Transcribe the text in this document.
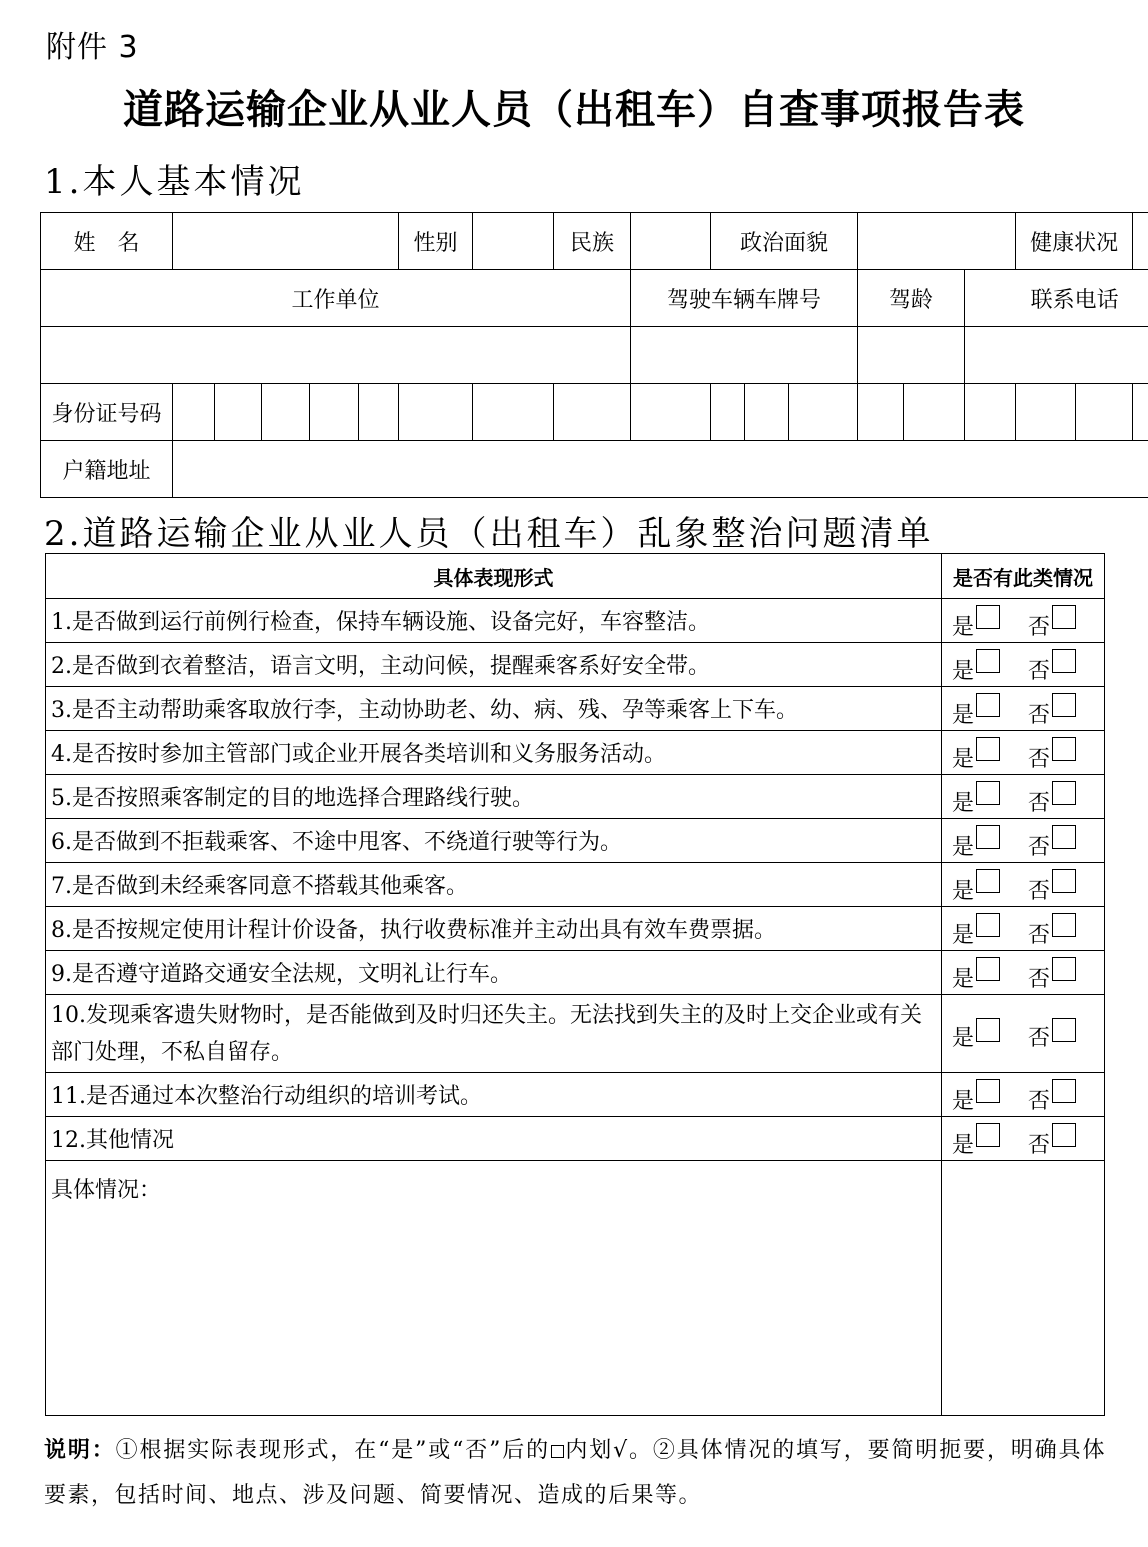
附件 3
道路运输企业从业人员（出租车）自查事项报告表
1.本人基本情况
姓　名						性别		民族		政治面貌						健康状况		
工作单位									驾驶车辆车牌号				驾龄		联系电话			

身份证号码																		
户籍地址																		
2.道路运输企业从业人员（出租车）乱象整治问题清单
具体表现形式	是否有此类情况
1.是否做到运行前例行检查，保持车辆设施、设备完好，车容整洁。	是 否

2.是否做到衣着整洁，语言文明，主动问候，提醒乘客系好安全带。	是 否

3.是否主动帮助乘客取放行李，主动协助老、幼、病、残、孕等乘客上下车。	是 否

4.是否按时参加主管部门或企业开展各类培训和义务服务活动。	是 否

5.是否按照乘客制定的目的地选择合理路线行驶。	是 否

6.是否做到不拒载乘客、不途中甩客、不绕道行驶等行为。	是 否

7.是否做到未经乘客同意不搭载其他乘客。	是 否

8.是否按规定使用计程计价设备，执行收费标准并主动出具有效车费票据。	是 否

9.是否遵守道路交通安全法规，文明礼让行车。	是 否

10.发现乘客遗失财物时，是否能做到及时归还失主。无法找到失主的及时上交企业或有关部门处理，不私自留存。	是 否

11.是否通过本次整治行动组织的培训考试。	是 否

12.其他情况	是 否

具体情况：	
说明：①根据实际表现形式，在“是”或“否”后的 内划√。②具体情况的填写，要简明扼要，明确具体要素，包括时间、地点、涉及问题、简要情况、造成的后果等。
